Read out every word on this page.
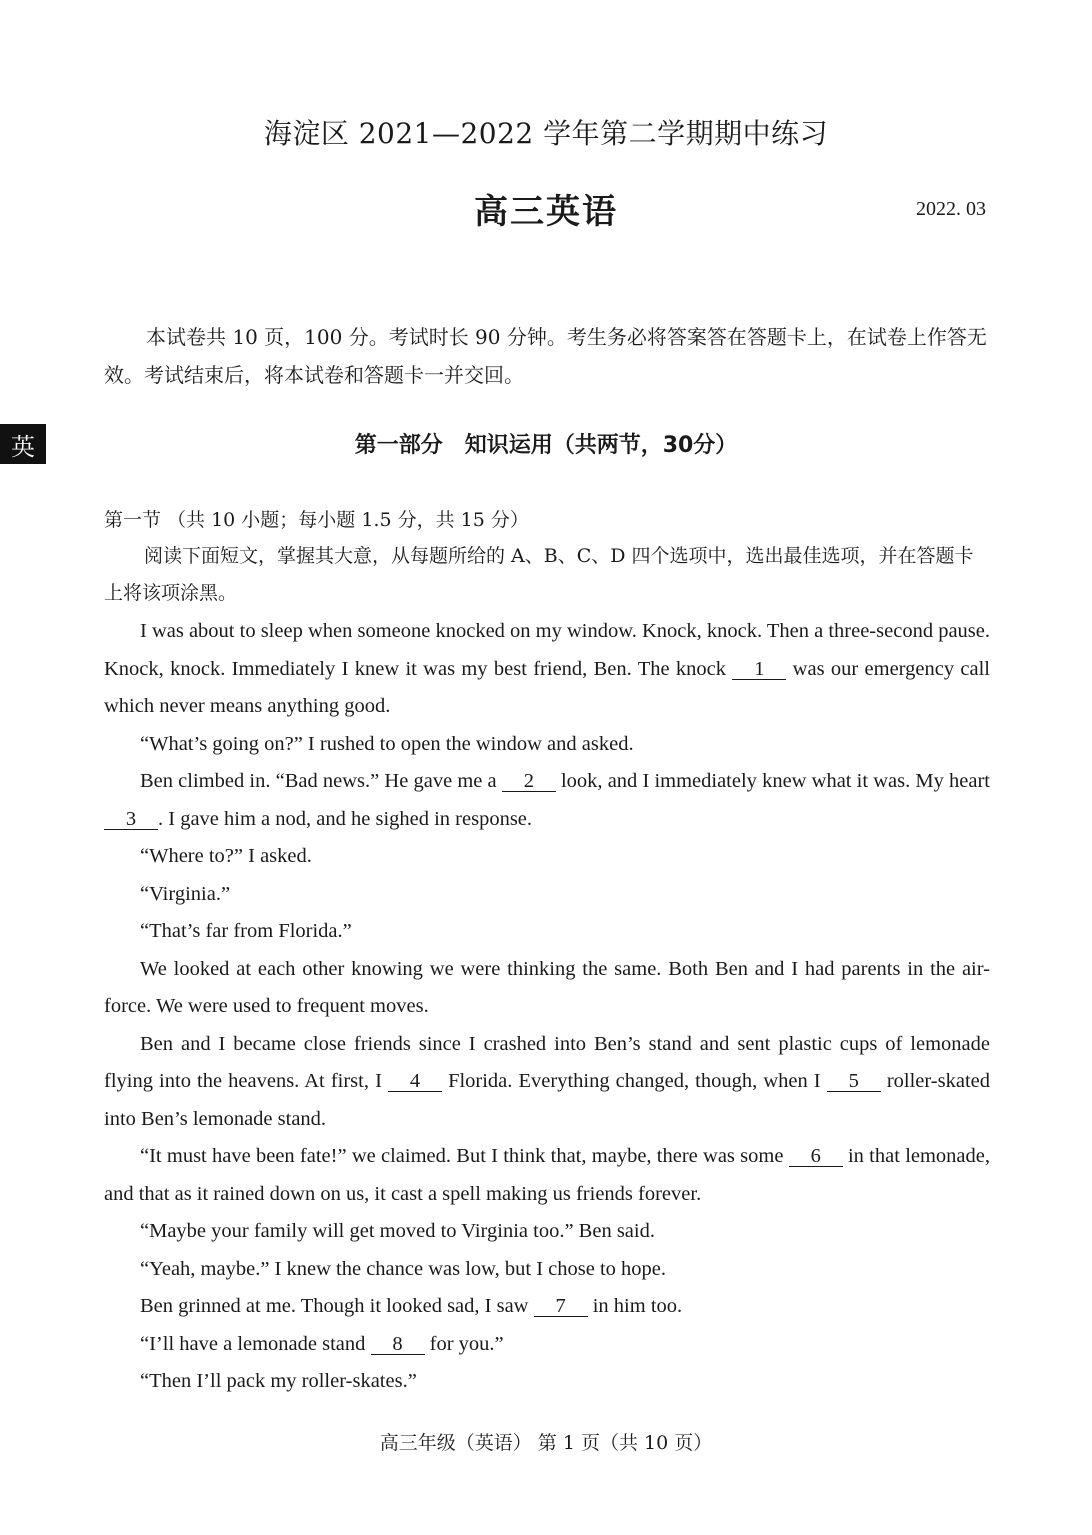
英
海淀区 2021—2022 学年第二学期期中练习
高三英语	2022. 03
本试卷共 10 页，100 分。考试时长 90 分钟。考生务必将答案答在答题卡上，在试卷上作答无效。考试结束后，将本试卷和答题卡一并交回。
第一部分　知识运用（共两节，30分）
第一节 （共 10 小题；每小题 1.5 分，共 15 分）
阅读下面短文，掌握其大意，从每题所给的 A、B、C、D 四个选项中，选出最佳选项，并在答题卡上将该项涂黑。

I was about to sleep when someone knocked on my window. Knock, knock. Then a three-second pause. Knock, knock. Immediately I knew it was my best friend, Ben. The knock 1 was our emergency call which never means anything good.

“What’s going on?” I rushed to open the window and asked.

Ben climbed in. “Bad news.” He gave me a 2 look, and I immediately knew what it was. My heart 3 . I gave him a nod, and he sighed in response.

“Where to?” I asked.

“Virginia.”

“That’s far from Florida.”

We looked at each other knowing we were thinking the same. Both Ben and I had parents in the air-force. We were used to frequent moves.

Ben and I became close friends since I crashed into Ben’s stand and sent plastic cups of lemonade flying into the heavens. At first, I 4 Florida. Everything changed, though, when I 5 roller-skated into Ben’s lemonade stand.

“It must have been fate!” we claimed. But I think that, maybe, there was some 6 in that lemonade, and that as it rained down on us, it cast a spell making us friends forever.

“Maybe your family will get moved to Virginia too.” Ben said.

“Yeah, maybe.” I knew the chance was low, but I chose to hope.

Ben grinned at me. Though it looked sad, I saw 7 in him too.

“I’ll have a lemonade stand 8 for you.”

“Then I’ll pack my roller-skates.”

高三年级（英语） 第 1 页（共 10 页）
